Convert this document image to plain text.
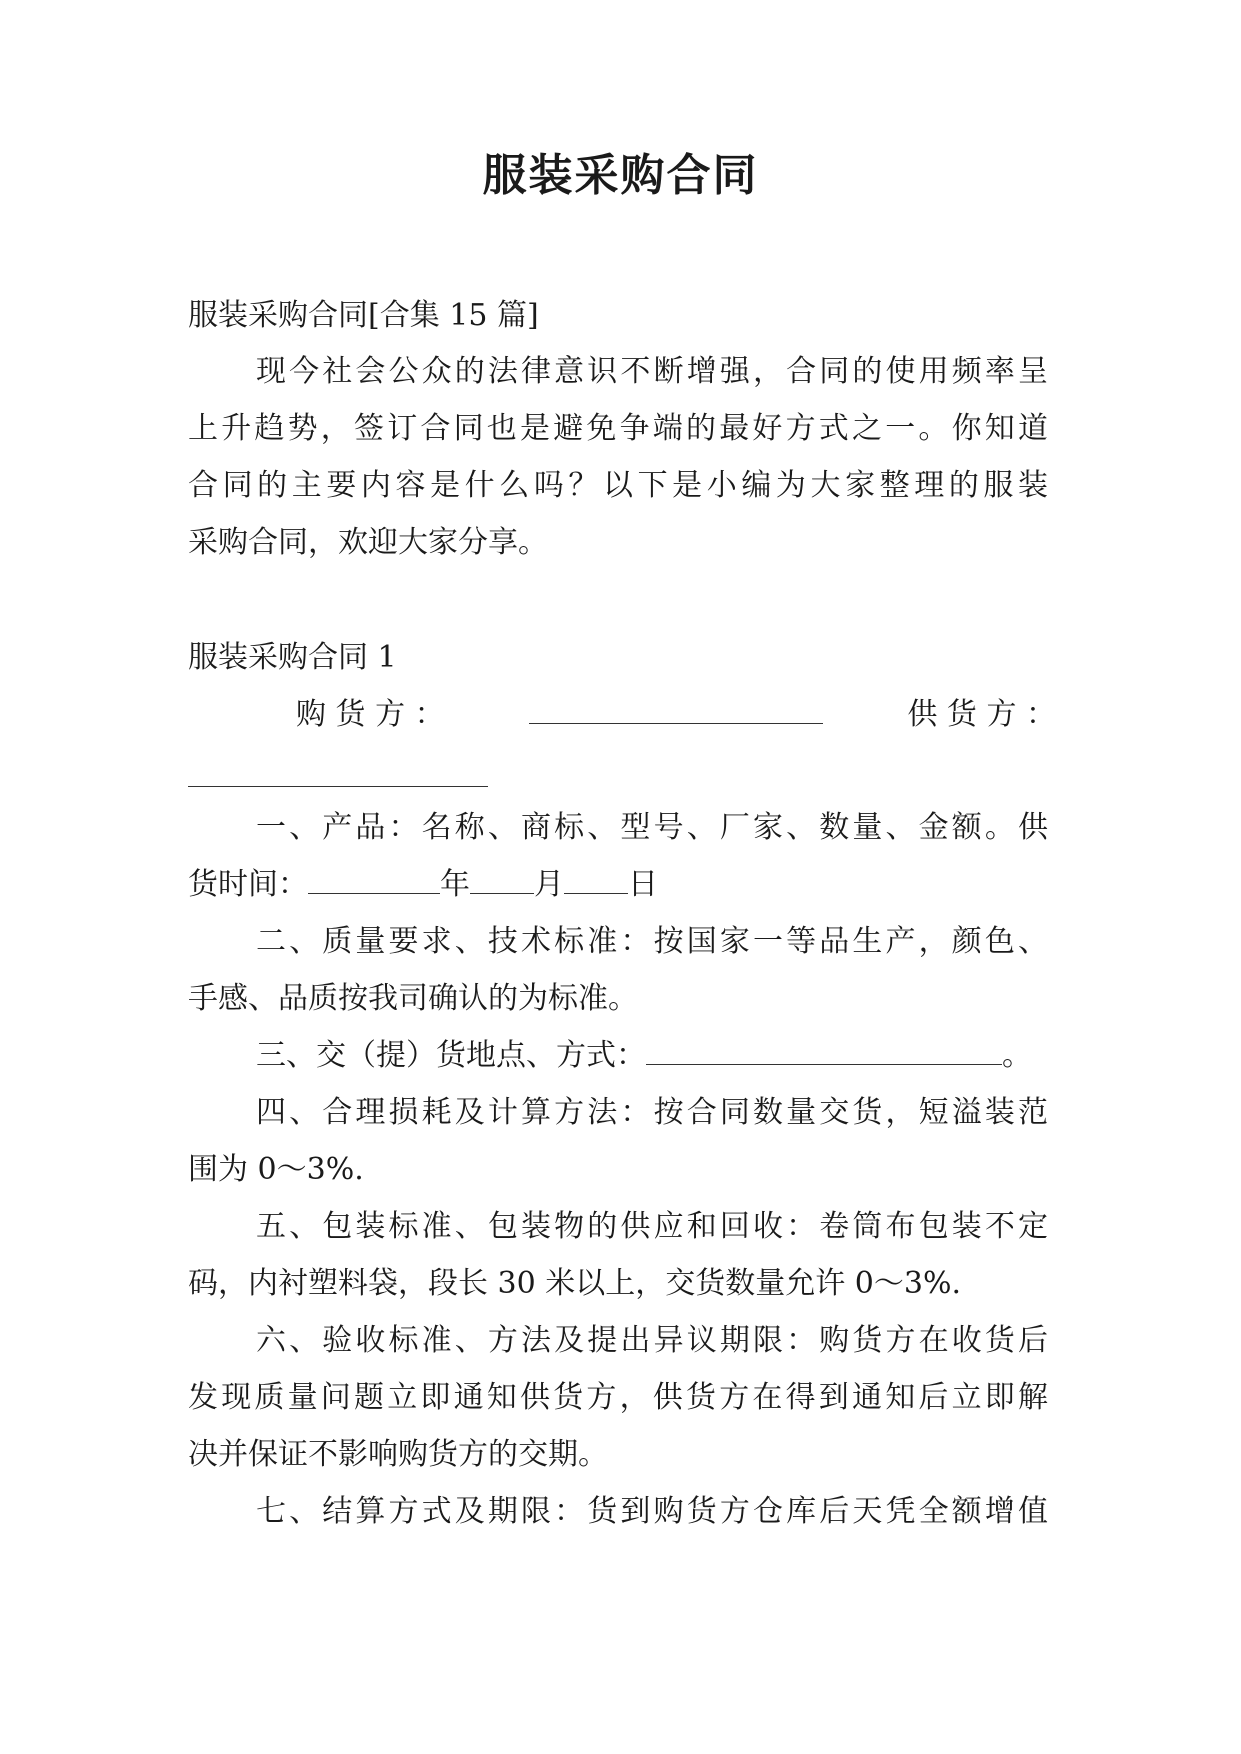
服装采购合同

服装采购合同[合集 15 篇]

现今社会公众的法律意识不断增强，合同的使用频率呈

上升趋势，签订合同也是避免争端的最好方式之一。你知道

合同的主要内容是什么吗？以下是小编为大家整理的服装

采购合同，欢迎大家分享。

服装采购合同 1

购 货 方 ：	供 货 方 ：

一、产品：名称、商标、型号、厂家、数量、金额。供

货时间：	年 月 日

二、质量要求、技术标准：按国家一等品生产，颜色、

手感、品质按我司确认的为标准。

三、交（提）货地点、方式：	。

四、合理损耗及计算方法：按合同数量交货，短溢装范

围为 0～3%.

五、包装标准、包装物的供应和回收：卷筒布包装不定

码，内衬塑料袋，段长 30 米以上，交货数量允许 0～3%.

六、验收标准、方法及提出异议期限：购货方在收货后

发现质量问题立即通知供货方，供货方在得到通知后立即解

决并保证不影响购货方的交期。

七、结算方式及期限：货到购货方仓库后天凭全额增值
